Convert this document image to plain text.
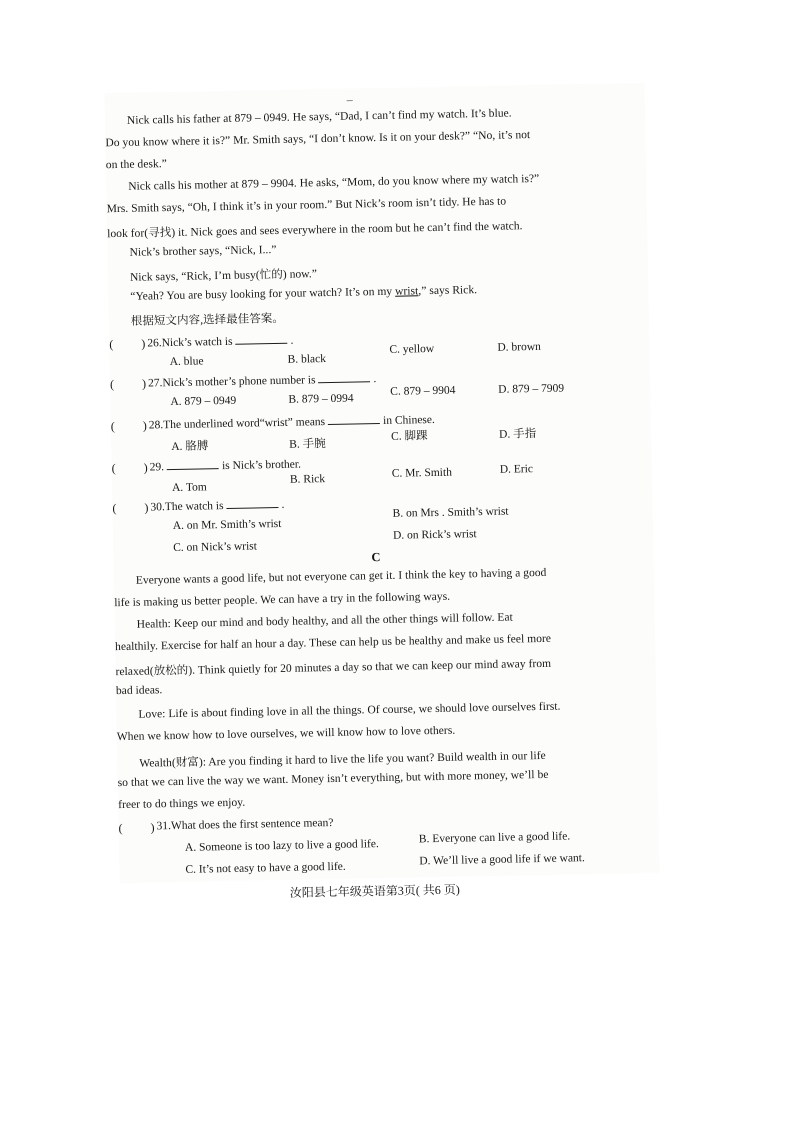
_
Nick calls his father at 879 – 0949. He says, “Dad, I can’t find my watch. It’s blue.
Do you know where it is?” Mr. Smith says, “I don’t know. Is it on your desk?” “No, it’s not
on the desk.”
Nick calls his mother at 879 – 9904. He asks, “Mom, do you know where my watch is?”
Mrs. Smith says, “Oh, I think it’s in your room.” But Nick’s room isn’t tidy. He has to
look for(寻找) it. Nick goes and sees everywhere in the room but he can’t find the watch.
Nick’s brother says, “Nick, I...”
Nick says, “Rick, I’m busy(忙的) now.”
“Yeah? You are busy looking for your watch? It’s on my wrist,” says Rick.
根据短文内容,选择最佳答案。
( ) 26.Nick’s watch is	.
A. blue	B. black
C. yellow	D. brown
( ) 27.Nick’s mother’s phone number is	.
A. 879 – 0949	B. 879 – 0994
C. 879 – 9904	D. 879 – 7909
( ) 28.The underlined word“wrist” means	in Chinese.
A. 胳膊	B. 手腕
C. 脚踝	D. 手指
( ) 29.	is Nick’s brother.
A. Tom
B. Rick	C. Mr. Smith	D. Eric
( ) 30.The watch is	.
A. on Mr. Smith’s wrist
B. on Mrs . Smith’s wrist
C. on Nick’s wrist
D. on Rick’s wrist
C
Everyone wants a good life, but not everyone can get it. I think the key to having a good
life is making us better people. We can have a try in the following ways.
Health: Keep our mind and body healthy, and all the other things will follow. Eat
healthily. Exercise for half an hour a day. These can help us be healthy and make us feel more
relaxed(放松的). Think quietly for 20 minutes a day so that we can keep our mind away from
bad ideas.
Love: Life is about finding love in all the things. Of course, we should love ourselves first.
When we know how to love ourselves, we will know how to love others.
Wealth(财富): Are you finding it hard to live the life you want? Build wealth in our life
so that we can live the way we want. Money isn’t everything, but with more money, we’ll be
freer to do things we enjoy.
( ) 31.What does the first sentence mean?
A. Someone is too lazy to live a good life.
B. Everyone can live a good life.
C. It’s not easy to have a good life.
D. We’ll live a good life if we want.
汝阳县七年级英语第3页( 共6 页)
